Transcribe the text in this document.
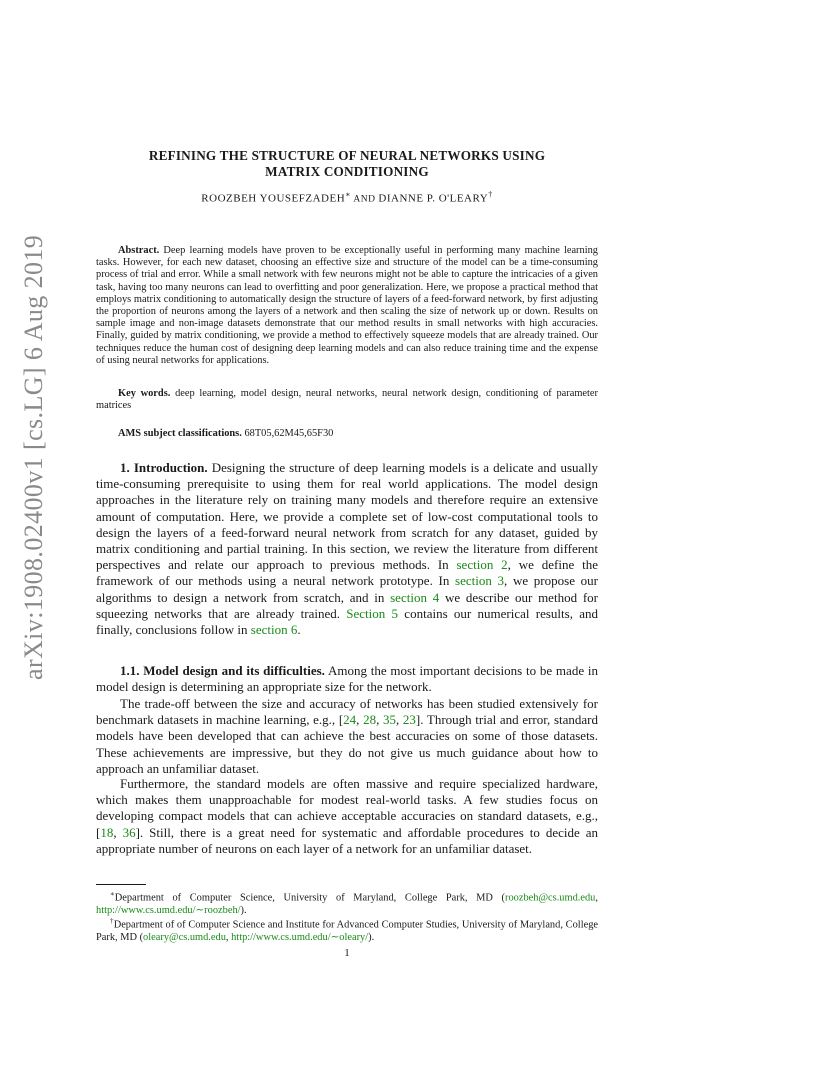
arXiv:1908.02400v1 [cs.LG] 6 Aug 2019
REFINING THE STRUCTURE OF NEURAL NETWORKS USING
MATRIX CONDITIONING
ROOZBEH YOUSEFZADEH∗ AND DIANNE P. O'LEARY†
Abstract. Deep learning models have proven to be exceptionally useful in performing many machine learning tasks. However, for each new dataset, choosing an effective size and structure of the model can be a time-consuming process of trial and error. While a small network with few neurons might not be able to capture the intricacies of a given task, having too many neurons can lead to overfitting and poor generalization. Here, we propose a practical method that employs matrix conditioning to automatically design the structure of layers of a feed-forward network, by first adjusting the proportion of neurons among the layers of a network and then scaling the size of network up or down. Results on sample image and non-image datasets demonstrate that our method results in small networks with high accuracies. Finally, guided by matrix conditioning, we provide a method to effectively squeeze models that are already trained. Our techniques reduce the human cost of designing deep learning models and can also reduce training time and the expense of using neural networks for applications.
Key words. deep learning, model design, neural networks, neural network design, conditioning of parameter matrices
AMS subject classifications. 68T05,62M45,65F30
1. Introduction. Designing the structure of deep learning models is a delicate and usually time-consuming prerequisite to using them for real world applications. The model design approaches in the literature rely on training many models and therefore require an extensive amount of computation. Here, we provide a complete set of low-cost computational tools to design the layers of a feed-forward neural network from scratch for any dataset, guided by matrix conditioning and partial training. In this section, we review the literature from different perspectives and relate our approach to previous methods. In section 2, we define the framework of our methods using a neural network prototype. In section 3, we propose our algorithms to design a network from scratch, and in section 4 we describe our method for squeezing networks that are already trained. Section 5 contains our numerical results, and finally, conclusions follow in section 6.
1.1. Model design and its difficulties. Among the most important decisions to be made in model design is determining an appropriate size for the network.
The trade-off between the size and accuracy of networks has been studied extensively for benchmark datasets in machine learning, e.g., [24, 28, 35, 23]. Through trial and error, standard models have been developed that can achieve the best accuracies on some of those datasets. These achievements are impressive, but they do not give us much guidance about how to approach an unfamiliar dataset.
Furthermore, the standard models are often massive and require specialized hardware, which makes them unapproachable for modest real-world tasks. A few studies focus on developing compact models that can achieve acceptable accuracies on standard datasets, e.g., [18, 36]. Still, there is a great need for systematic and affordable procedures to decide an appropriate number of neurons on each layer of a network for an unfamiliar dataset.
∗Department of Computer Science, University of Maryland, College Park, MD (roozbeh@cs.umd.edu, http://www.cs.umd.edu/∼roozbeh/).
†Department of of Computer Science and Institute for Advanced Computer Studies, University of Maryland, College Park, MD (oleary@cs.umd.edu, http://www.cs.umd.edu/∼oleary/).
1
